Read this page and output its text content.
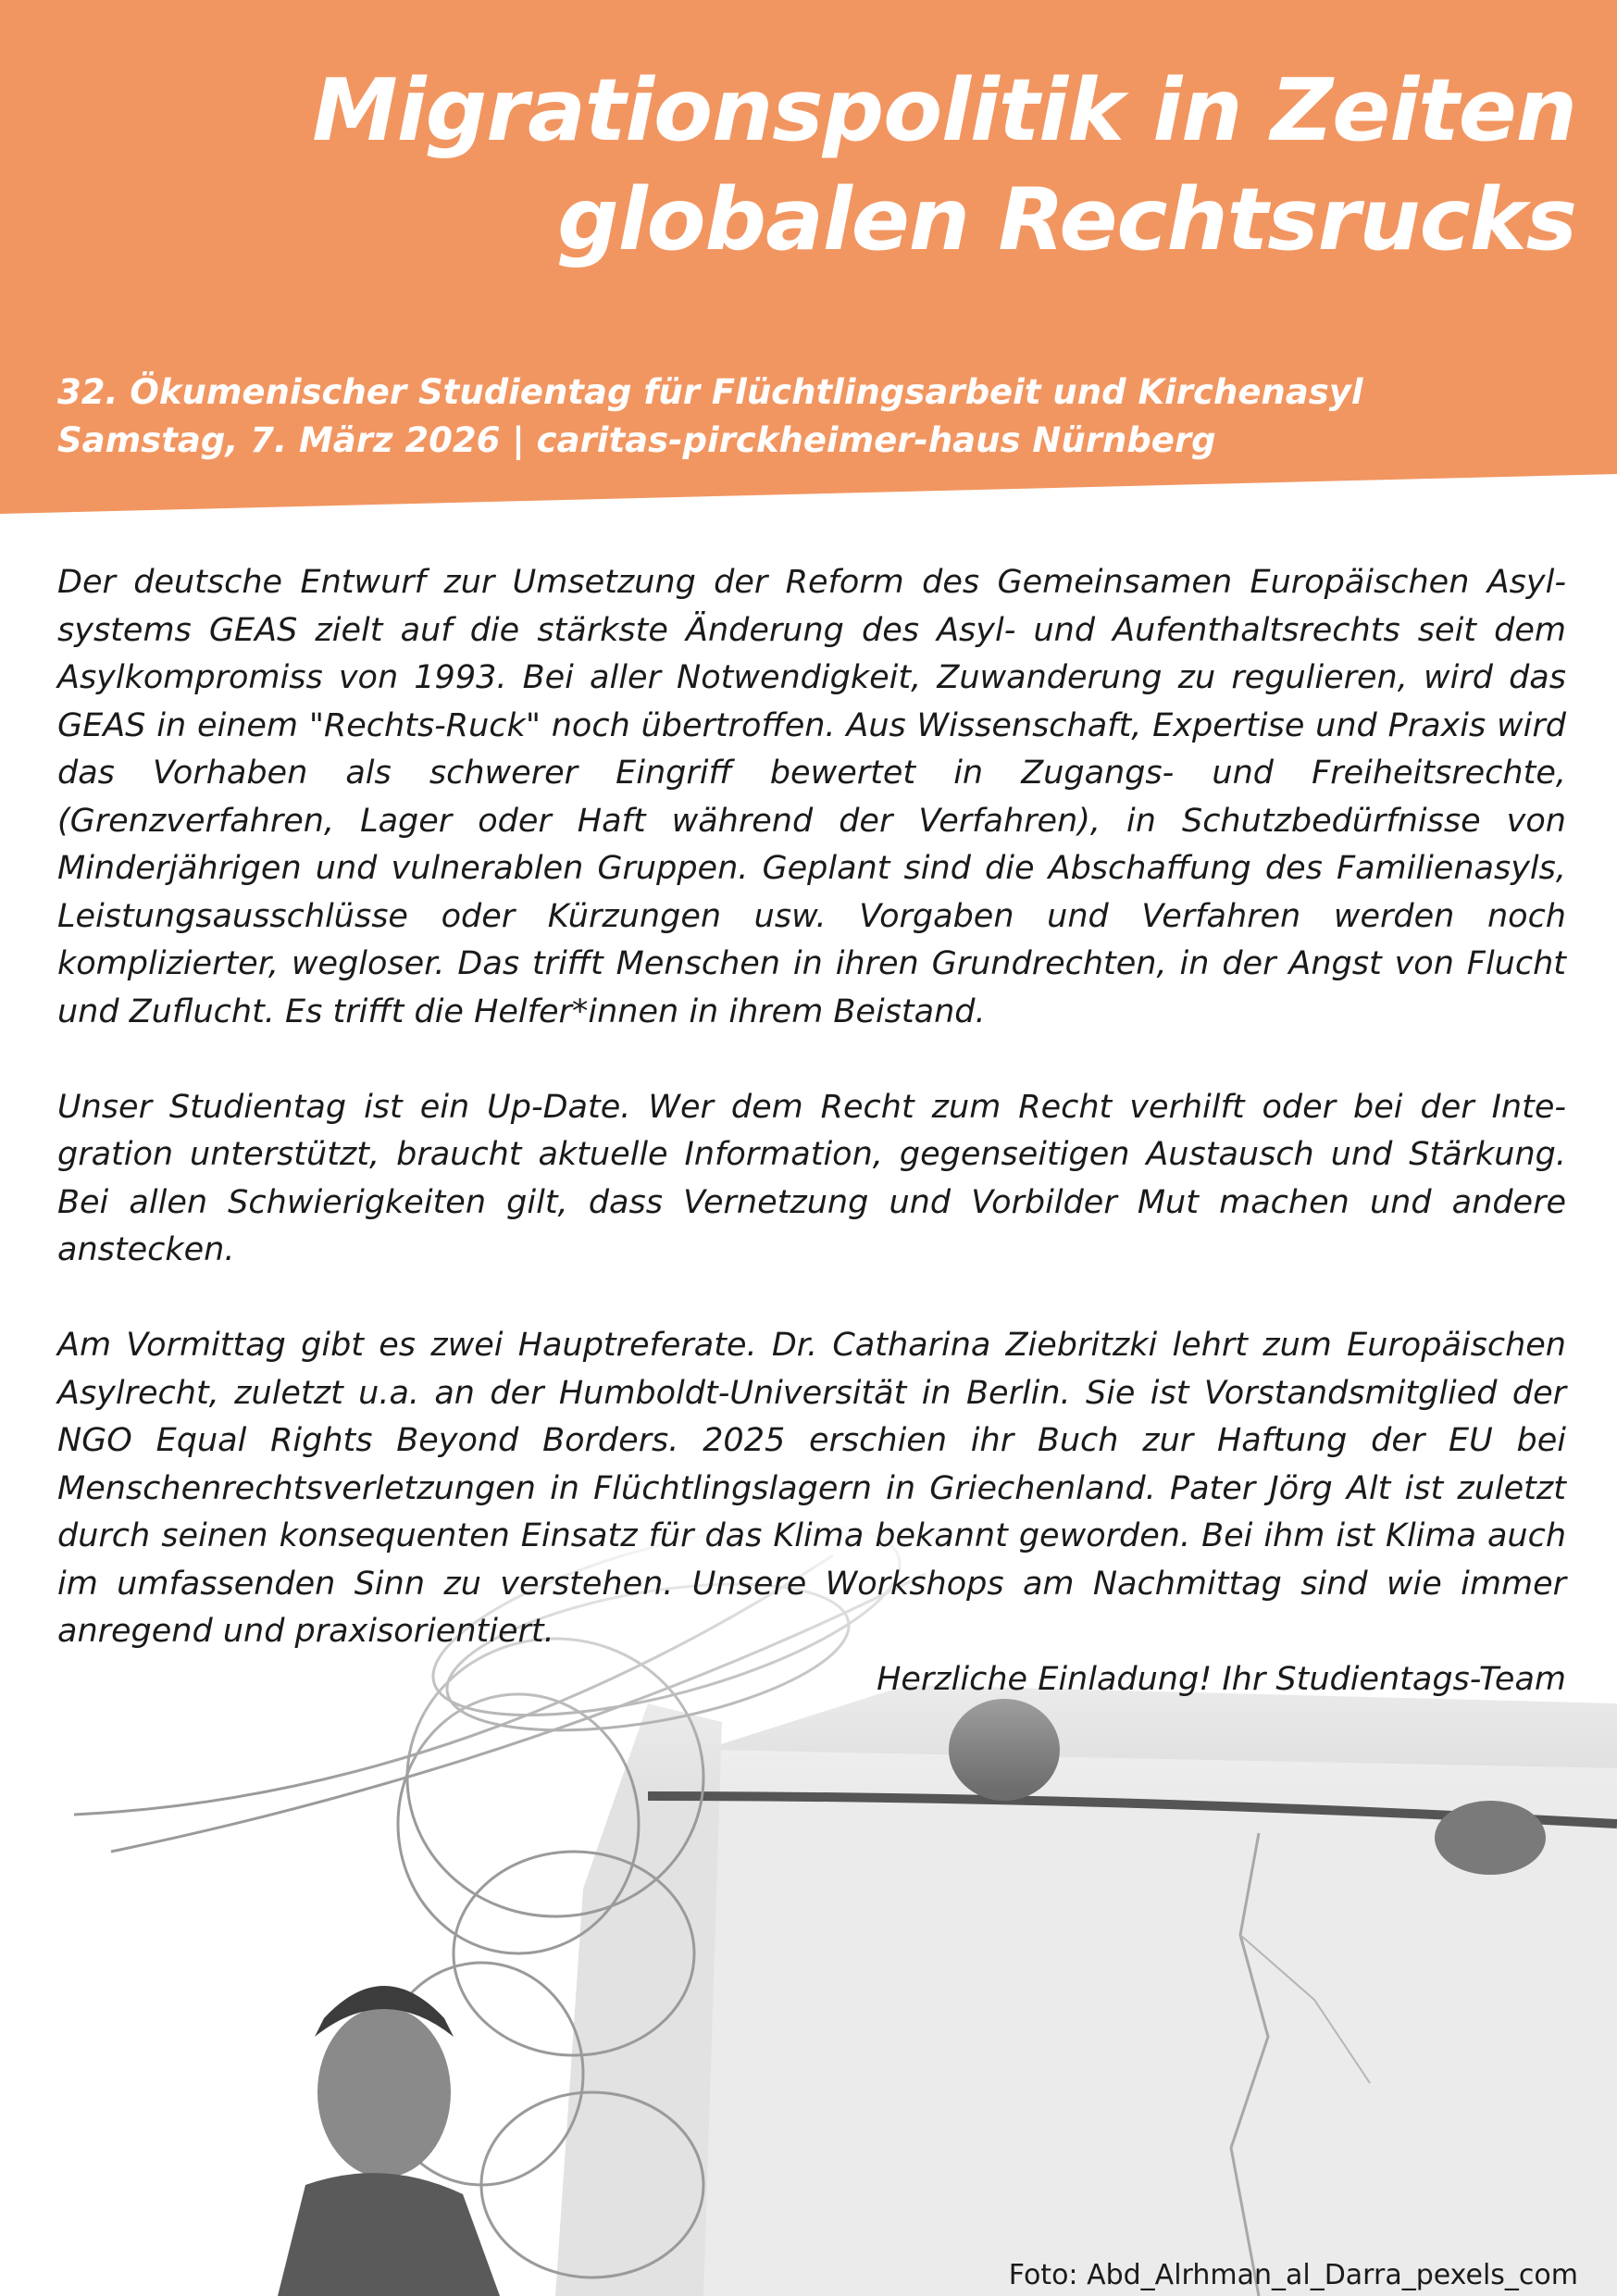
Migrationspolitik in Zeiten
globalen Rechtsrucks
32. Ökumenischer Studientag für Flüchtlingsarbeit und Kirchenasyl
Samstag, 7. März 2026 | caritas-pirckheimer-haus Nürnberg

Der deutsche Entwurf zur Umsetzung der Reform des Gemeinsamen Europäischen Asylsystems GEAS zielt auf die stärkste Änderung des Asyl- und Aufenthaltsrechts seit dem Asylkompromiss von 1993. Bei aller Notwendigkeit, Zuwanderung zu regulieren, wird das GEAS in einem "Rechts-Ruck" noch übertroffen. Aus Wissenschaft, Expertise und Praxis wird das Vorhaben als schwerer Eingriff bewertet in Zugangs- und Freiheitsrechte, (Grenzverfahren, Lager oder Haft während der Verfahren), in Schutzbedürfnisse von Minderjährigen und vulnerablen Gruppen. Geplant sind die Abschaffung des Familienasyls, Leistungsausschlüsse oder Kürzungen usw. Vorgaben und Verfahren werden noch komplizierter, wegloser. Das trifft Menschen in ihren Grundrechten, in der Angst von Flucht und Zuflucht. Es trifft die Helfer*innen in ihrem Beistand.

Unser Studientag ist ein Up-Date. Wer dem Recht zum Recht verhilft oder bei der Integration unterstützt, braucht aktuelle Information, gegenseitigen Austausch und Stärkung. Bei allen Schwierigkeiten gilt, dass Vernetzung und Vorbilder Mut machen und andere anstecken.

Am Vormittag gibt es zwei Hauptreferate. Dr. Catharina Ziebritzki lehrt zum Europäischen Asylrecht, zuletzt u.a. an der Humboldt-Universität in Berlin. Sie ist Vorstandsmitglied der NGO Equal Rights Beyond Borders. 2025 erschien ihr Buch zur Haftung der EU bei Menschenrechtsverletzungen in Flüchtlingslagern in Griechenland. Pater Jörg Alt ist zuletzt durch seinen konsequenten Einsatz für das Klima bekannt geworden. Bei ihm ist Klima auch im umfassenden Sinn zu verstehen. Unsere Workshops am Nachmittag sind wie immer anregend und praxisorientiert.

Herzliche Einladung! Ihr Studientags-Team
Foto: Abd_Alrhman_al_Darra_pexels_com
